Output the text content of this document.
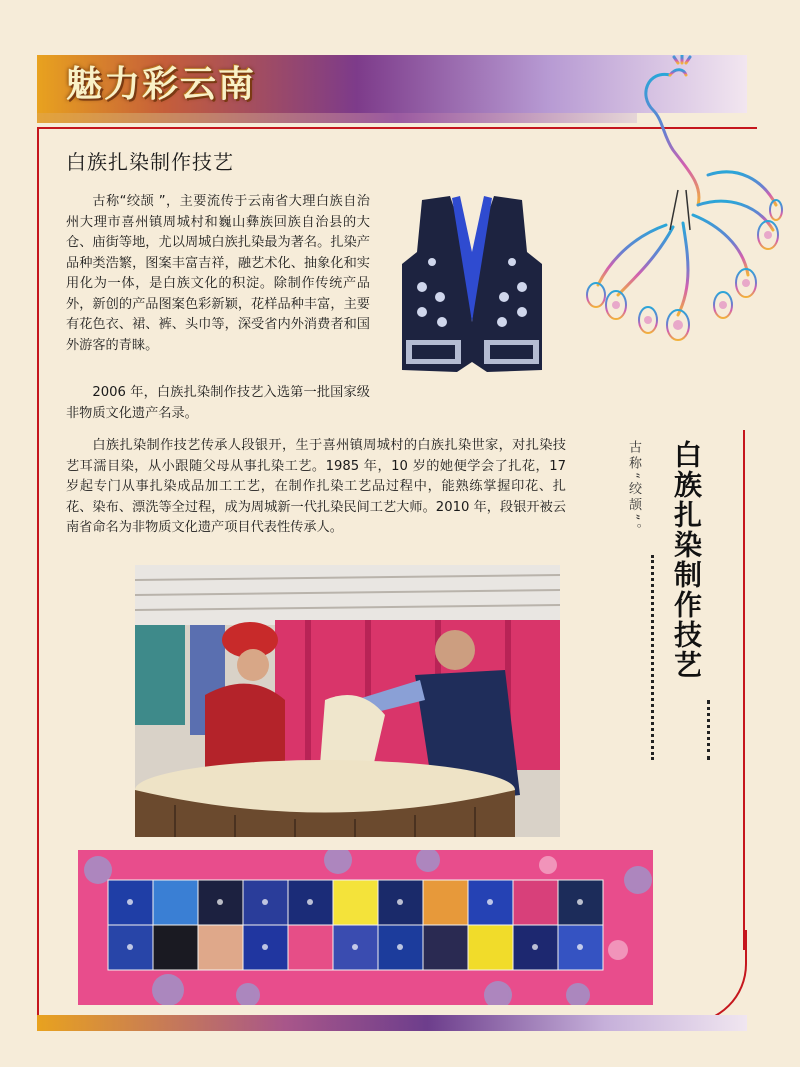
魅力彩云南
白族扎染制作技艺

古称“绞颉 ”，主要流传于云南省大理白族自治州大理市喜州镇周城村和巍山彝族回族自治县的大仓、庙街等地，尤以周城白族扎染最为著名。扎染产品种类浩繁，图案丰富吉祥，融艺术化、抽象化和实用化为一体，是白族文化的积淀。除制作传统产品外，新创的产品图案色彩新颖，花样品种丰富，主要有花色衣、裙、裤、头巾等，深受省内外消费者和国外游客的青睐。

2006 年，白族扎染制作技艺入选第一批国家级非物质文化遗产名录。

白族扎染制作技艺传承人段银开，生于喜州镇周城村的白族扎染世家，对扎染技艺耳濡目染，从小跟随父母从事扎染工艺。1985 年，10 岁的她便学会了扎花，17 岁起专门从事扎染成品加工工艺，在制作扎染工艺品过程中，能熟练掌握印花、扎花、染布、漂洗等全过程，成为周城新一代扎染民间工艺大师。2010 年，段银开被云南省命名为非物质文化遗产项目代表性传承人。	白族扎染制作技艺
古称“绞颉”。
